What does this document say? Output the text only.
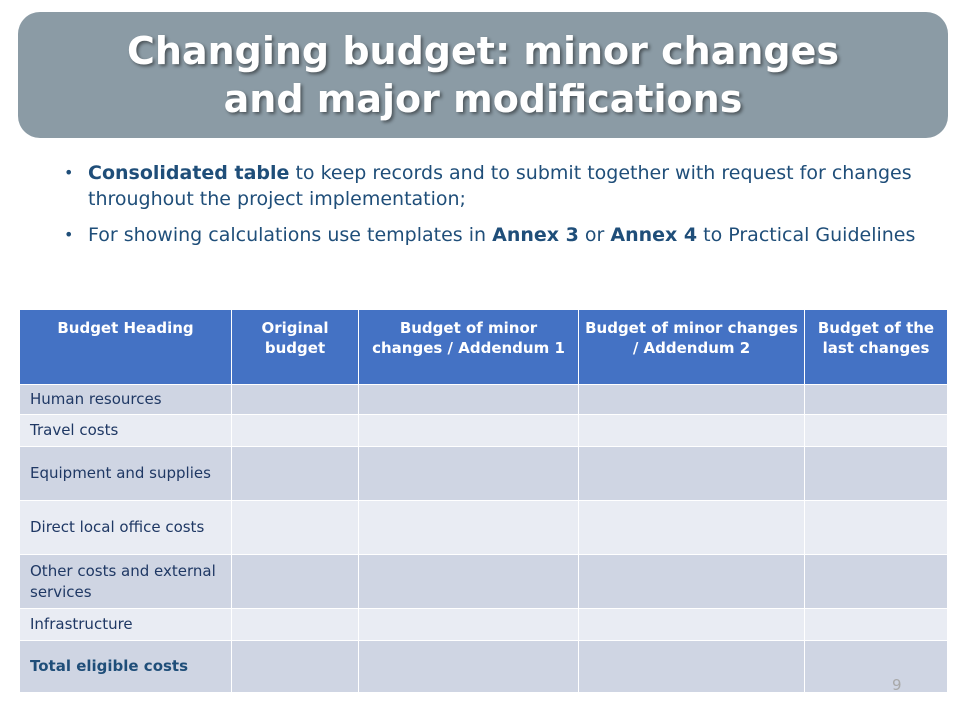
Changing budget: minor changes
and major modifications
• Consolidated table to keep records and to submit together with request for changes throughout the project implementation;
• For showing calculations use templates in Annex 3 or Annex 4 to Practical Guidelines
Budget Heading	Original budget	Budget of minor changes / Addendum 1	Budget of minor changes / Addendum 2	Budget of the last changes
Human resources				
Travel costs				
Equipment and supplies				
Direct local office costs				
Other costs and external services				
Infrastructure				
Total eligible costs				
9
